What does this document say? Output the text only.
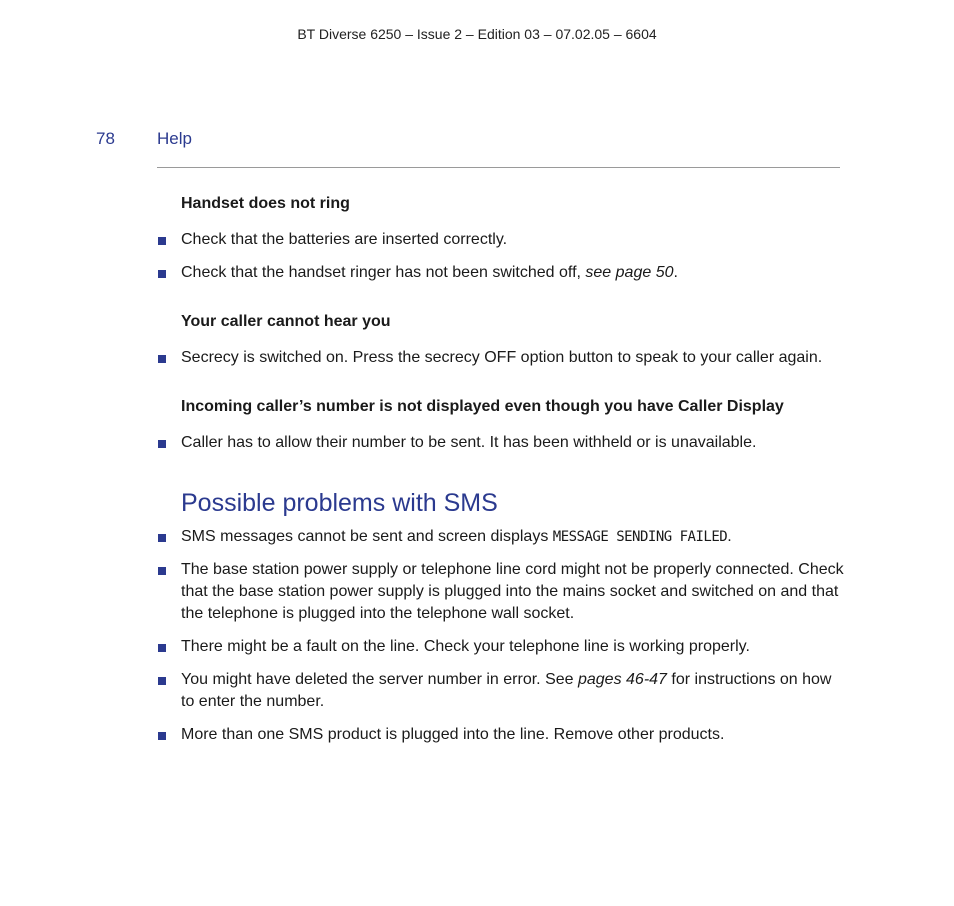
BT Diverse 6250 – Issue 2 – Edition 03 – 07.02.05 – 6604
78 Help
Handset does not ring
Check that the batteries are inserted correctly.
Check that the handset ringer has not been switched off, see page 50.
Your caller cannot hear you
Secrecy is switched on. Press the secrecy OFF option button to speak to your caller again.
Incoming caller’s number is not displayed even though you have Caller Display
Caller has to allow their number to be sent. It has been withheld or is unavailable.
Possible problems with SMS
SMS messages cannot be sent and screen displays MESSAGE SENDING FAILED.
The base station power supply or telephone line cord might not be properly connected. Check that the base station power supply is plugged into the mains socket and switched on and that the telephone is plugged into the telephone wall socket.
There might be a fault on the line. Check your telephone line is working properly.
You might have deleted the server number in error. See pages 46-47 for instructions on how to enter the number.
More than one SMS product is plugged into the line. Remove other products.
